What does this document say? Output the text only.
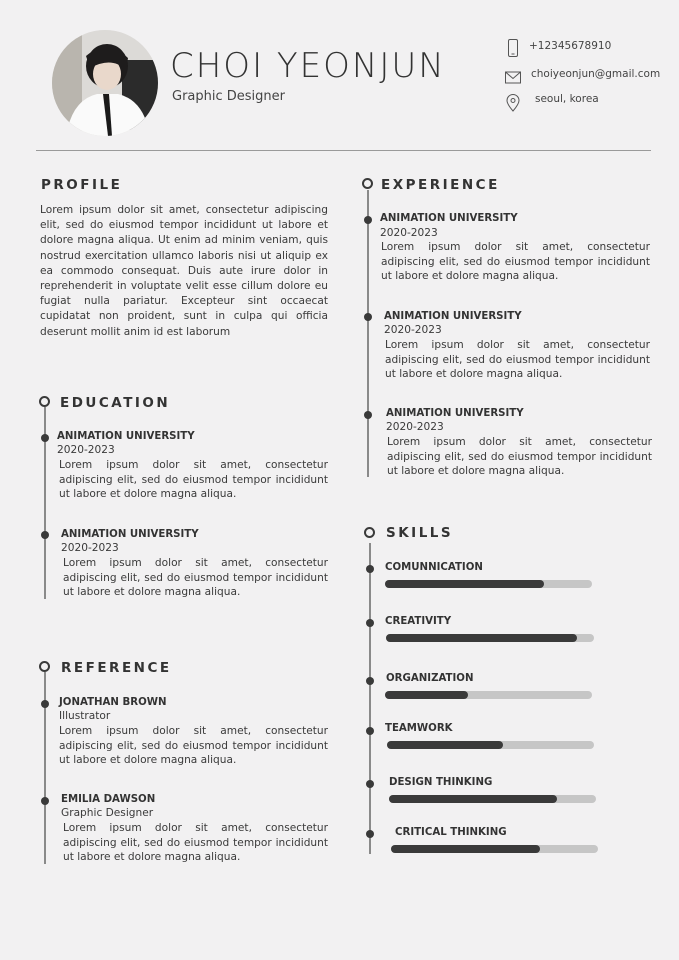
CHOI YEONJUN
Graphic Designer
+12345678910
choiyeonjun@gmail.com
seoul, korea
PROFILE
Lorem ipsum dolor sit amet, consectetur adipiscing elit, sed do eiusmod tempor incididunt ut labore et dolore magna aliqua. Ut enim ad minim veniam, quis nostrud exercitation ullamco laboris nisi ut aliquip ex ea commodo consequat. Duis aute irure dolor in reprehenderit in voluptate velit esse cillum dolore eu fugiat nulla pariatur. Excepteur sint occaecat cupidatat non proident, sunt in culpa qui officia deserunt mollit anim id est laborum
EDUCATION
ANIMATION UNIVERSITY
2020-2023
Lorem ipsum dolor sit amet, consectetur adipiscing elit, sed do eiusmod tempor incididunt ut labore et dolore magna aliqua.
ANIMATION UNIVERSITY
2020-2023
Lorem ipsum dolor sit amet, consectetur adipiscing elit, sed do eiusmod tempor incididunt ut labore et dolore magna aliqua.
REFERENCE
JONATHAN BROWN
Illustrator
Lorem ipsum dolor sit amet, consectetur adipiscing elit, sed do eiusmod tempor incididunt ut labore et dolore magna aliqua.
EMILIA DAWSON
Graphic Designer
Lorem ipsum dolor sit amet, consectetur adipiscing elit, sed do eiusmod tempor incididunt ut labore et dolore magna aliqua.
EXPERIENCE
ANIMATION UNIVERSITY
2020-2023
Lorem ipsum dolor sit amet, consectetur adipiscing elit, sed do eiusmod tempor incididunt ut labore et dolore magna aliqua.
ANIMATION UNIVERSITY
2020-2023
Lorem ipsum dolor sit amet, consectetur adipiscing elit, sed do eiusmod tempor incididunt ut labore et dolore magna aliqua.
ANIMATION UNIVERSITY
2020-2023
Lorem ipsum dolor sit amet, consectetur adipiscing elit, sed do eiusmod tempor incididunt ut labore et dolore magna aliqua.
SKILLS
COMUNNICATION
CREATIVITY
ORGANIZATION
TEAMWORK
DESIGN THINKING
CRITICAL THINKING
